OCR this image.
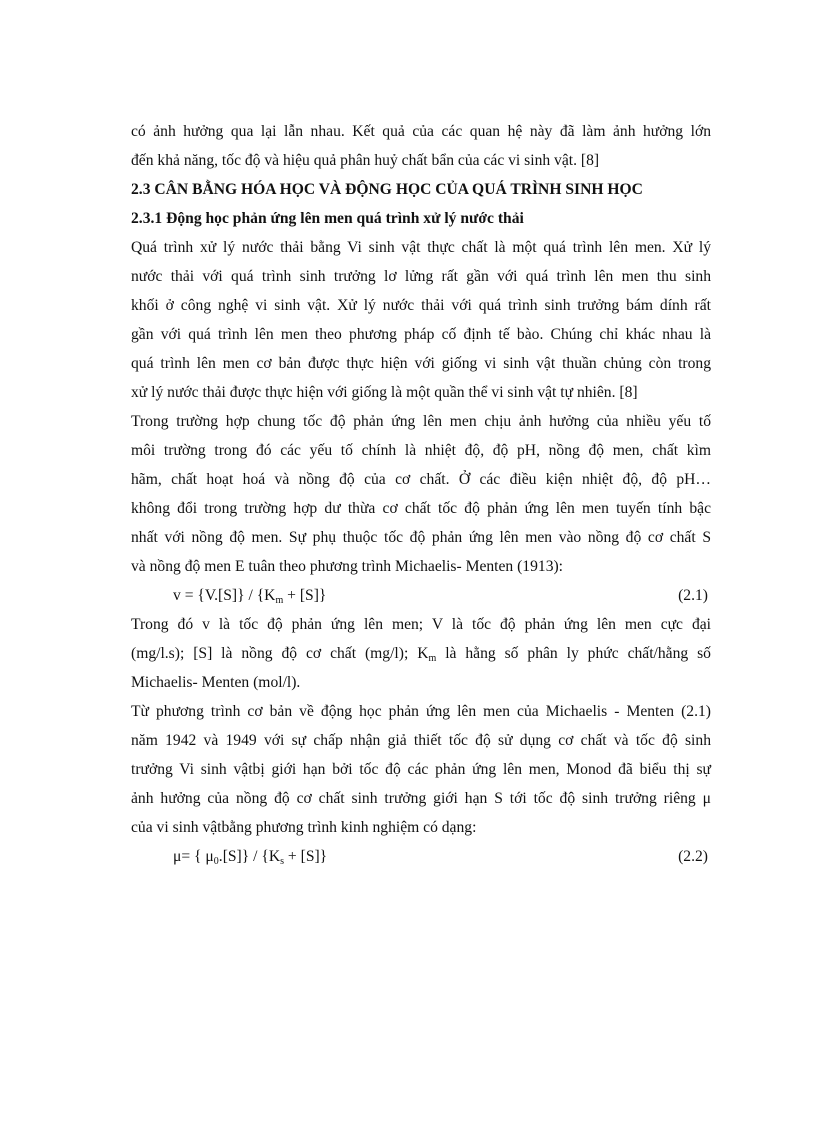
có ảnh hưởng qua lại lẫn nhau. Kết quả của các quan hệ này đã làm ảnh hưởng lớn
đến khả năng, tốc độ và hiệu quả phân huỷ chất bẩn của các vi sinh vật. [8]
2.3 CÂN BẰNG HÓA HỌC VÀ ĐỘNG HỌC CỦA QUÁ TRÌNH SINH HỌC
2.3.1 Động học phản ứng lên men quá trình xử lý nước thải
Quá trình xử lý nước thải bằng Vi sinh vật thực chất là một quá trình lên men. Xử lý
nước thải với quá trình sinh trưởng lơ lửng rất gần với quá trình lên men thu sinh
khối ở công nghệ vi sinh vật. Xử lý nước thải với quá trình sinh trưởng bám dính rất
gần với quá trình lên men theo phương pháp cố định tế bào. Chúng chỉ khác nhau là
quá trình lên men cơ bản được thực hiện với giống vi sinh vật thuần chủng còn trong
xử lý nước thải được thực hiện với giống là một quần thể vi sinh vật tự nhiên. [8]
Trong trường hợp chung tốc độ phản ứng lên men chịu ảnh hưởng của nhiều yếu tố
môi trường trong đó các yếu tố chính là nhiệt độ, độ pH, nồng độ men, chất kìm
hãm, chất hoạt hoá và nồng độ của cơ chất. Ở các điều kiện nhiệt độ, độ pH…
không đổi trong trường hợp dư thừa cơ chất tốc độ phản ứng lên men tuyến tính bậc
nhất với nồng độ men. Sự phụ thuộc tốc độ phản ứng lên men vào nồng độ cơ chất S
và nồng độ men E tuân theo phương trình Michaelis- Menten (1913):
$v = \{V.[S]\} / \{K_m + [S]\}$	(2.1)
Trong đó v là tốc độ phản ứng lên men; V là tốc độ phản ứng lên men cực đại
(mg/l.s); [S] là nồng độ cơ chất (mg/l); $K_m$ là hằng số phân ly phức chất/hằng số
Michaelis- Menten (mol/l).
Từ phương trình cơ bản về động học phản ứng lên men của Michaelis - Menten (2.1)
năm 1942 và 1949 với sự chấp nhận giả thiết tốc độ sử dụng cơ chất và tốc độ sinh
trưởng Vi sinh vậtbị giới hạn bởi tốc độ các phản ứng lên men, Monod đã biểu thị sự
ảnh hưởng của nồng độ cơ chất sinh trưởng giới hạn S tới tốc độ sinh trưởng riêng μ
của vi sinh vậtbằng phương trình kinh nghiệm có dạng:
μ= { $\mu_0.[S]\} / \{K_s + [S]\}$	(2.2)
